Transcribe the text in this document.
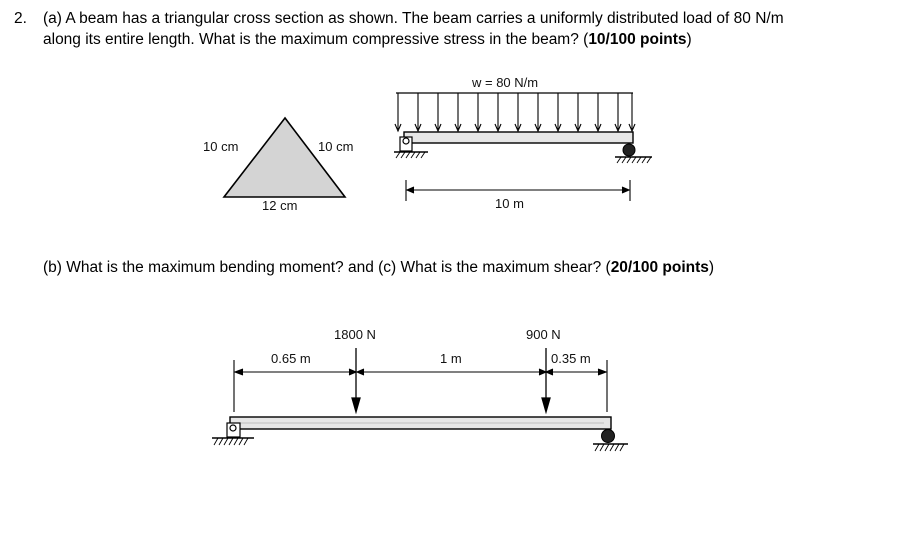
2. (a) A beam has a triangular cross section as shown. The beam carries a uniformly distributed load of 80 N/m
along its entire length. What is the maximum compressive stress in the beam? (10/100 points)
(b) What is the maximum bending moment? and (c) What is the maximum shear? (20/100 points)
10 cm	10 cm
12 cm
w = 80 N/m
10 m
1800 N	900 N
0.65 m	1 m	0.35 m
